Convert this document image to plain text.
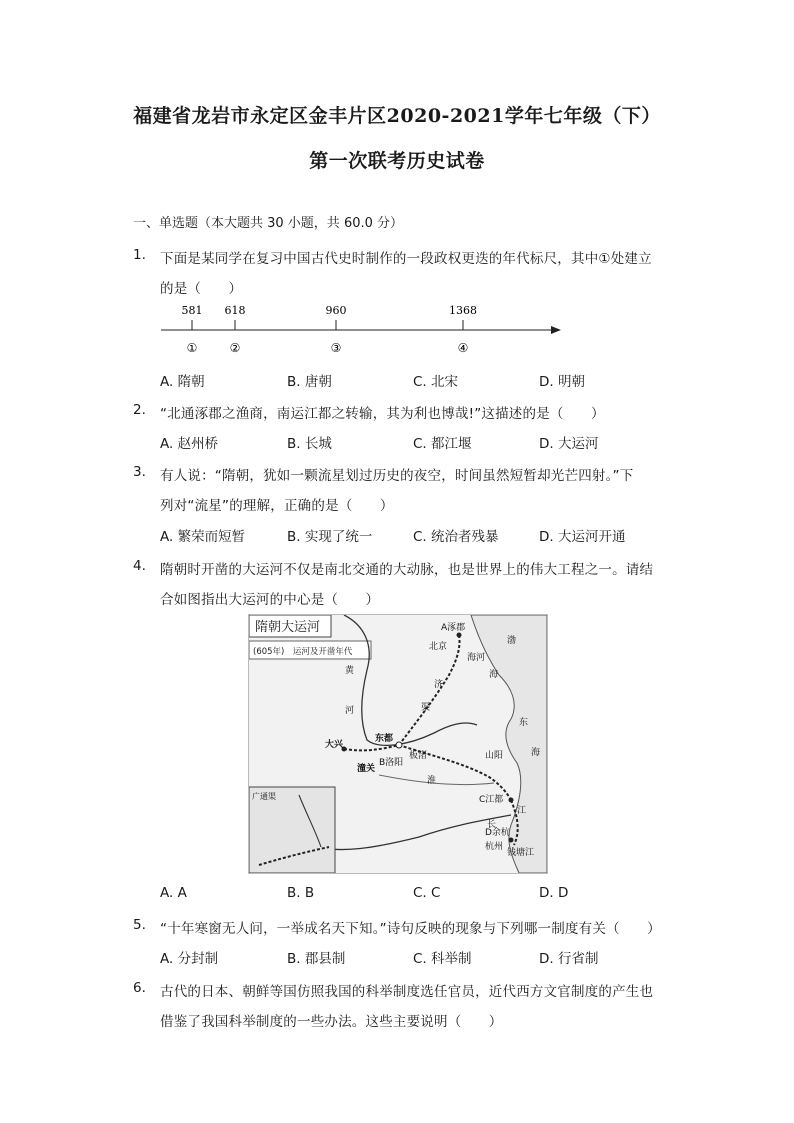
福建省龙岩市永定区金丰片区2020-2021学年七年级（下）
第一次联考历史试卷
一、单选题（本大题共 30 小题，共 60.0 分）
1. 下面是某同学在复习中国古代史时制作的一段政权更迭的年代标尺，其中①处建立
的是（　　）
581 618	960	1368
①	②	③	④
A. 隋朝	B. 唐朝	C. 北宋	D. 明朝
2. “北通涿郡之渔商，南运江都之转输，其为利也博哉!”这描述的是（　　）
A. 赵州桥	B. 长城	C. 都江堰	D. 大运河
3. 有人说：“隋朝，犹如一颗流星划过历史的夜空，时间虽然短暂却光芒四射。”下
列对“流星”的理解，正确的是（　　）
A. 繁荣而短暂	B. 实现了统一	C. 统治者残暴	D. 大运河开通
4. 隋朝时开凿的大运河不仅是南北交通的大动脉，也是世界上的伟大工程之一。请结
合如图指出大运河的中心是（　　）
隋朝大运河
(605年)　运河及开凿年代
A涿郡
北京
海河
渤
海
黄
河
济
渠
大兴
东都
B洛阳
板渚
潼关
山阳
C江都
淮
东
海
长
江
D余杭
杭州
钱塘江
广通渠
A. A	B. B	C. C	D. D
5. “十年寒窗无人问，一举成名天下知。”诗句反映的现象与下列哪一制度有关（　　）
A. 分封制	B. 郡县制	C. 科举制	D. 行省制
6. 古代的日本、朝鲜等国仿照我国的科举制度选任官员，近代西方文官制度的产生也
借鉴了我国科举制度的一些办法。这些主要说明（　　）
